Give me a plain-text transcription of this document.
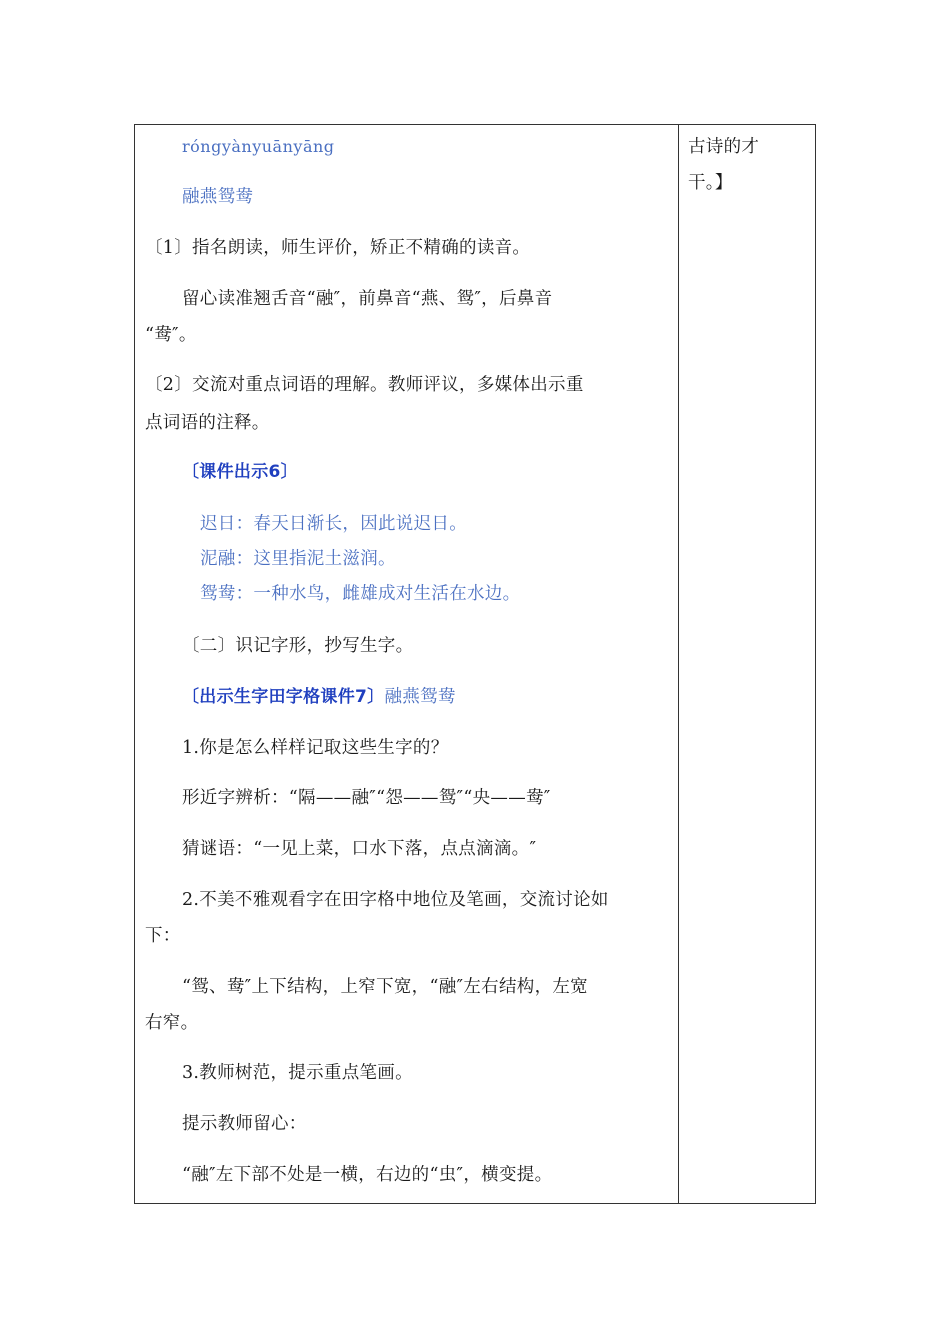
róngyànyuānyāng
融燕鸳鸯
〔1〕指名朗读，师生评价，矫正不精确的读音。
留心读准翘舌音“融″，前鼻音“燕、鸳″，后鼻音
“鸯″。
〔2〕交流对重点词语的理解。教师评议，多媒体出示重
点词语的注释。
〔课件出示6〕
迟日：春天日渐长，因此说迟日。
泥融：这里指泥土滋润。
鸳鸯：一种水鸟，雌雄成对生活在水边。
〔二〕识记字形，抄写生字。
〔出示生字田字格课件7〕融燕鸳鸯
1.你是怎么样样记取这些生字的？
形近字辨析：“隔——融″“怨——鸳″“央——鸯″
猜谜语：“一见上菜，口水下落，点点滴滴。″
2.不美不雅观看字在田字格中地位及笔画，交流讨论如
下：
“鸳、鸯″上下结构，上窄下宽，“融″左右结构，左宽
右窄。
3.教师树范，提示重点笔画。
提示教师留心：
“融″左下部不处是一横，右边的“虫″，横变提。
古诗的才
干。】
